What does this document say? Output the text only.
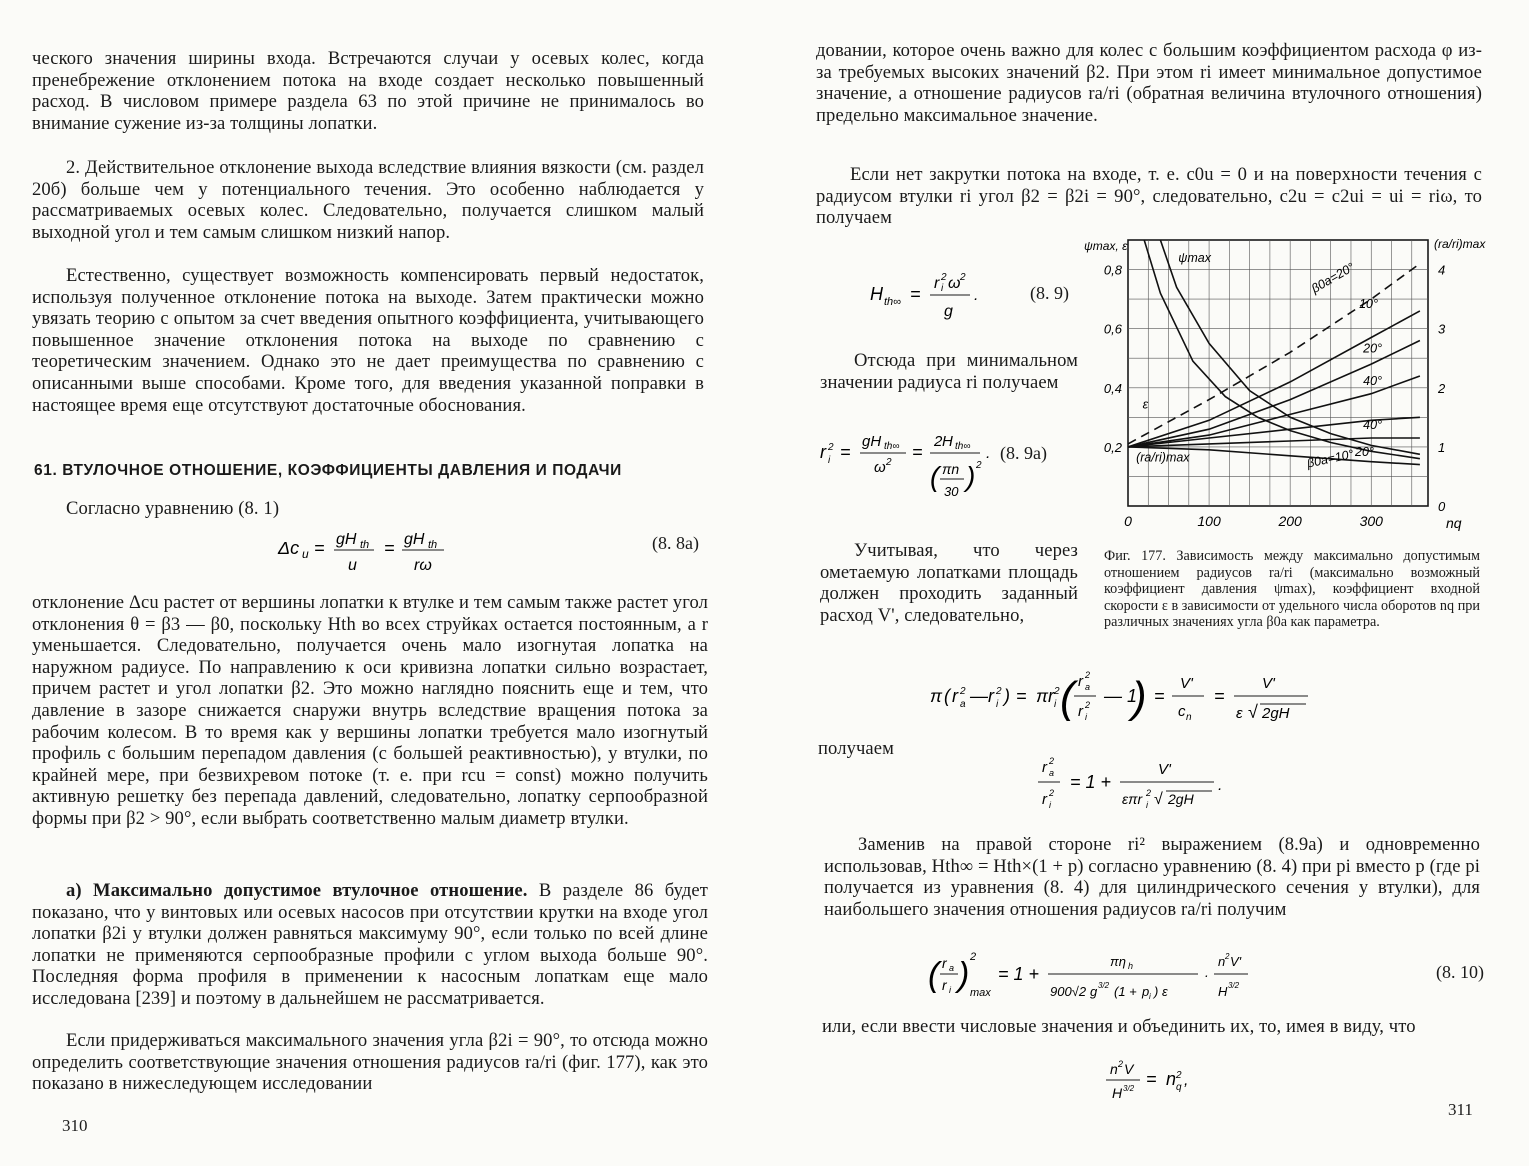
ческого значения ширины входа. Встречаются случаи у осевых колес, когда пренебрежение отклонением потока на входе создает несколько повышенный расход. В числовом примере раздела 63 по этой причине не принималось во внимание сужение из-за толщины лопатки.

2. Действительное отклонение выхода вследствие влияния вязкости (см. раздел 20б) больше чем у потенциального течения. Это особенно наблюдается у рассматриваемых осевых колес. Следовательно, получается слишком малый выходной угол и тем самым слишком низкий напор.

Естественно, существует возможность компенсировать первый недостаток, используя полученное отклонение потока на выходе. Затем практически можно увязать теорию с опытом за счет введения опытного коэффициента, учитывающего повышенное значение отклонения потока на выходе по сравнению с теоретическим значением. Однако это не дает преимущества по сравнению с описанными выше способами. Кроме того, для введения указанной поправки в настоящее время еще отсутствуют достаточные обоснования.

61. ВТУЛОЧНОЕ ОТНОШЕНИЕ, КОЭФФИЦИЕНТЫ ДАВЛЕНИЯ И ПОДАЧИ

Согласно уравнению (8. 1)

Δc u = gH th
u
= gH th
rω
(8. 8a)

отклонение Δcu растет от вершины лопатки к втулке и тем самым также растет угол отклонения θ = β3 — β0, поскольку Hth во всех струйках остается постоянным, а r уменьшается. Следовательно, получается очень мало изогнутая лопатка на наружном радиусе. По направлению к оси кривизна лопатки сильно возрастает, причем растет и угол лопатки β2. Это можно наглядно пояснить еще и тем, что давление в зазоре снижается снаружи внутрь вследствие вращения потока за рабочим колесом. В то время как у вершины лопатки требуется мало изогнутый профиль с большим перепадом давления (с большей реактивностью), у втулки, по крайней мере, при безвихревом потоке (т. е. при rcu = const) можно получить активную решетку без перепада давлений, следовательно, лопатку серпообразной формы при β2 > 90°, если выбрать соответственно малым диаметр втулки.

а) Максимально допустимое втулочное отношение. В разделе 86 будет показано, что у винтовых или осевых насосов при отсутствии крутки на входе угол лопатки β2i у втулки должен равняться максимуму 90°, если только по всей длине лопатки не применяются серпообразные профили с углом выхода больше 90°. Последняя форма профиля в применении к насосным лопаткам еще мало исследована [239] и поэтому в дальнейшем не рассматривается.

Если придерживаться максимального значения угла β2i = 90°, то отсюда можно определить соответствующие значения отношения радиусов ra/ri (фиг. 177), как это показано в нижеследующем исследовании

310

довании, которое очень важно для колес с большим коэффициентом расхода φ из-за требуемых высоких значений β2. При этом ri имеет минимальное допустимое значение, а отношение радиусов ra/ri (обратная величина втулочного отношения) предельно максимальное значение.

Если нет закрутки потока на входе, т. е. c0u = 0 и на поверхности течения с радиусом втулки ri угол β2 = β2i = 90°, следовательно, c2u = c2ui = ui = riω, то получаем

H th∞ =
r i
2 ω 2
g
.	(8. 9)

Отсюда при минимальном значении радиуса ri получаем

r i
2 =
gH th∞
ω 2
=
2 H th∞
( πn
30 ) 2
. (8. 9a)

Учитывая, что через ометаемую лопатками площадь должен проходить заданный расход V', следовательно,

0	100	200	300	nq
0,2
0,4
0,6
0,8
ψmax, ε
0
1
2
3
4
(ra/ri)max
ψmax
ε
(ra/ri)max
β0a=20°
10°
20°
40°
40°
20°
β0a=10°
Фиг. 177. Зависимость между максимально допустимым отношением радиусов ra/ri (максимально возможный коэффициент давления ψmax), коэффициент входной скорости ε в зависимости от удельного числа оборотов nq при различных значениях угла β0a как параметра.
π ( r a
2 — r i
2 ) = πr i
2 ( r a
2
r i
2 — 1
) =
V'
c n
=
V'
ε √ 2gH

получаем

r a
2
r i
2
= 1 +
V'
επr i
2 √ 2gH
.

Заменив на правой стороне ri² выражением (8.9a) и одновременно использовав, Hth∞ = Hth×(1 + p) согласно уравнению (8. 4) при pi вместо p (где pi получается из уравнения (8. 4) для цилиндрического сечения у втулки), для наибольшего значения отношения радиусов ra/ri получим

( r a
r i ) 2
max
= 1 +
πη h
900√2 g 3/2 (1 + p i ) ε
·
n 2 V'
H 3/2
(8. 10)

или, если ввести числовые значения и объединить их, то, имея в виду, что

n 2 V
H 3/2 = n 2
q ,
311
